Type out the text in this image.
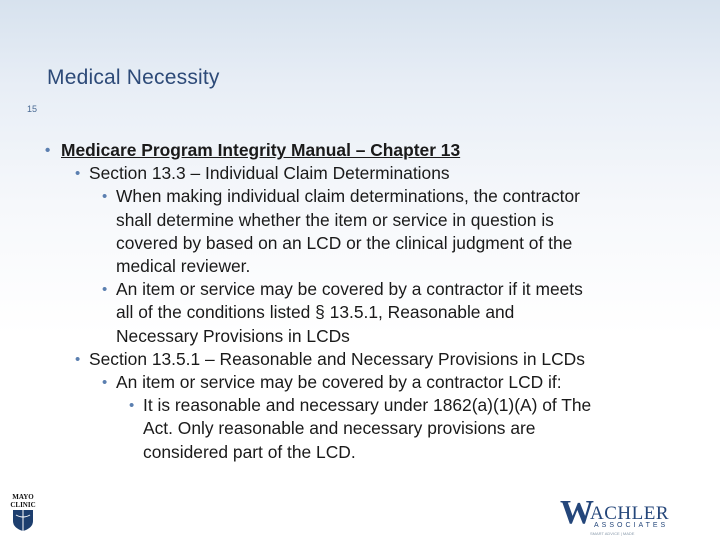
Medical Necessity
15
• Medicare Program Integrity Manual – Chapter 13
• Section 13.3 – Individual Claim Determinations
• When making individual claim determinations, the contractor
shall determine whether the item or service in question is
covered by based on an LCD or the clinical judgment of the
medical reviewer.
• An item or service may be covered by a contractor if it meets
all of the conditions listed § 13.5.1, Reasonable and
Necessary Provisions in LCDs
• Section 13.5.1 – Reasonable and Necessary Provisions in LCDs
• An item or service may be covered by a contractor LCD if:
• It is reasonable and necessary under 1862(a)(1)(A) of The
Act. Only reasonable and necessary provisions are
considered part of the LCD.
MAYO
CLINIC	W
ACHLER
ASSOCIATES
SMART ADVICE | MADE
